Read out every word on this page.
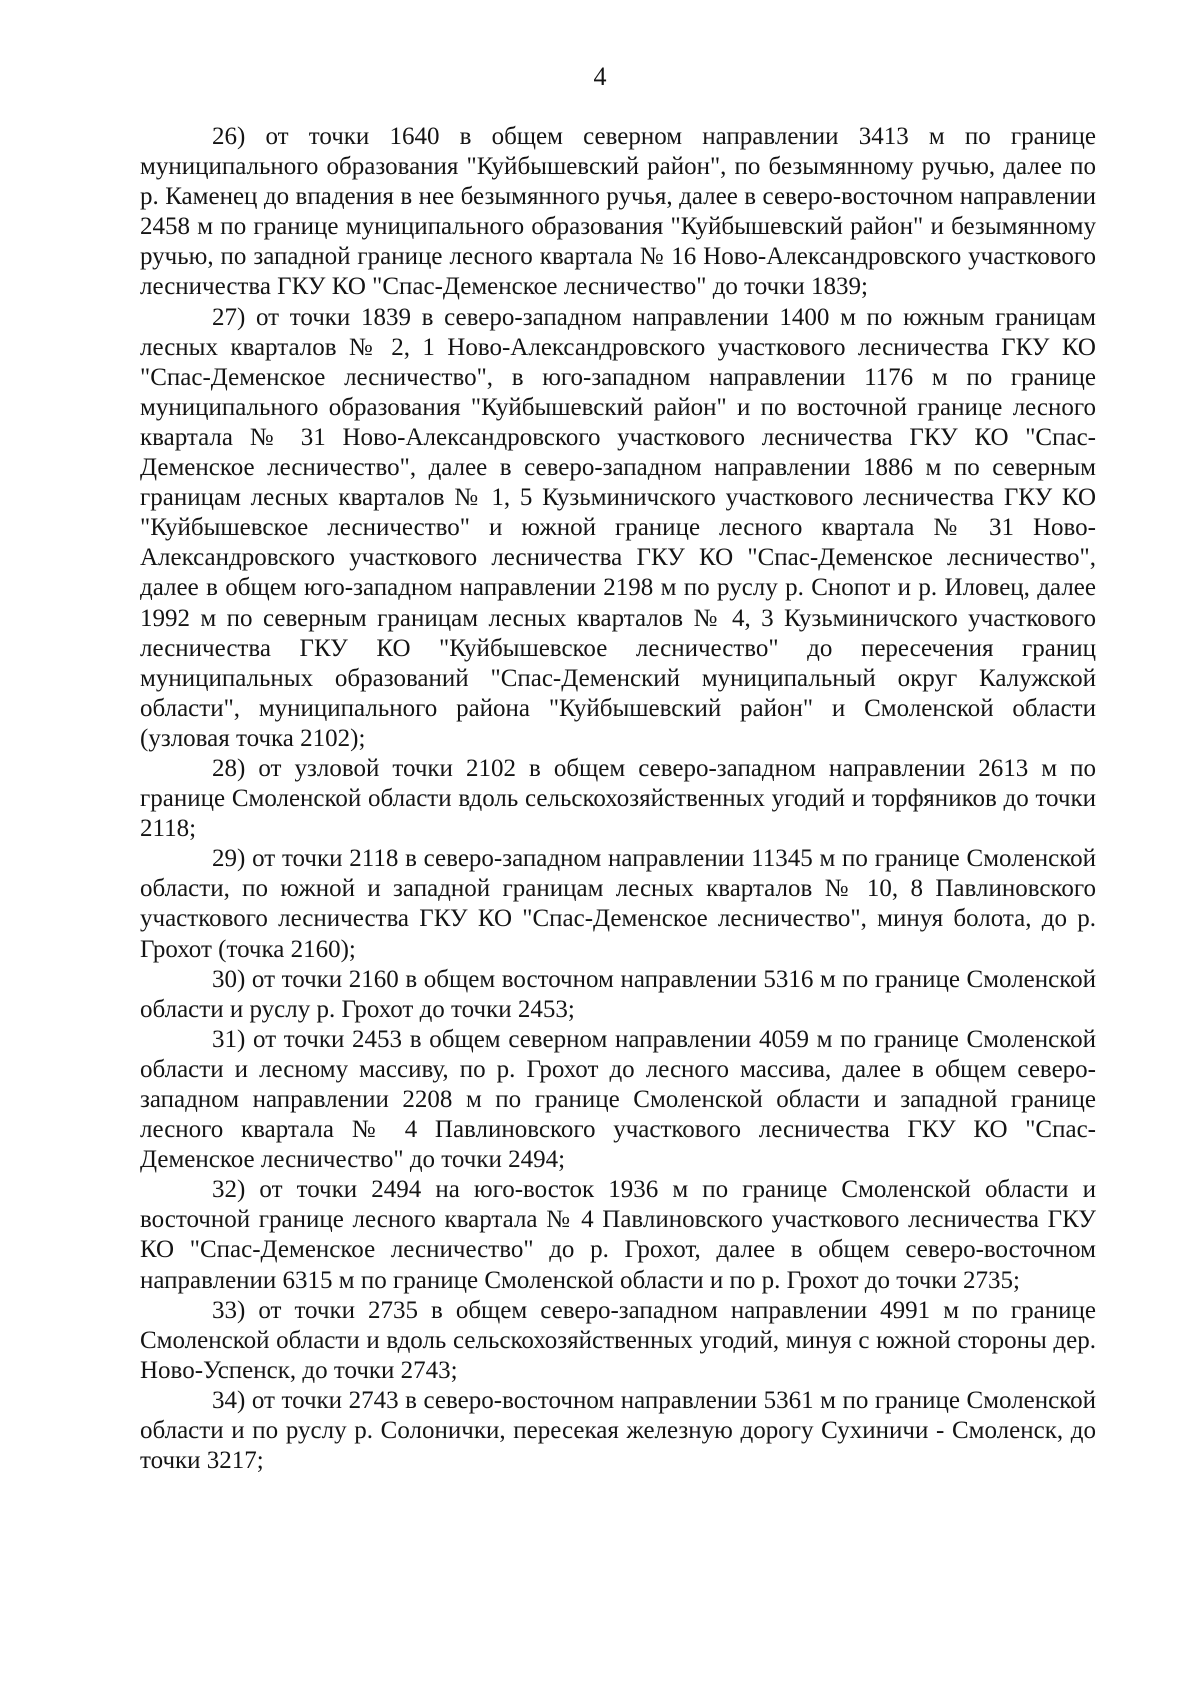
4

26) от точки 1640 в общем северном направлении 3413 м по границе муниципального образования "Куйбышевский район", по безымянному ручью, далее по р. Каменец до впадения в нее безымянного ручья, далее в северо-восточном направлении 2458 м по границе муниципального образования "Куйбышевский район" и безымянному ручью, по западной границе лесного квартала № 16 Ново-Александровского участкового лесничества ГКУ КО "Спас-Деменское лесничество" до точки 1839;

27) от точки 1839 в северо-западном направлении 1400 м по южным границам лесных кварталов № 2, 1 Ново-Александровского участкового лесничества ГКУ КО "Спас-Деменское лесничество", в юго-западном направлении 1176 м по границе муниципального образования "Куйбышевский район" и по восточной границе лесного квартала № 31 Ново-Александровского участкового лесничества ГКУ КО "Спас-Деменское лесничество", далее в северо-западном направлении 1886 м по северным границам лесных кварталов № 1, 5 Кузьминичского участкового лесничества ГКУ КО "Куйбышевское лесничество" и южной границе лесного квартала № 31 Ново-Александровского участкового лесничества ГКУ КО "Спас-Деменское лесничество", далее в общем юго-западном направлении 2198 м по руслу р. Снопот и р. Иловец, далее 1992 м по северным границам лесных кварталов № 4, 3 Кузьминичского участкового лесничества ГКУ КО "Куйбышевское лесничество" до пересечения границ муниципальных образований "Спас-Деменский муниципальный округ Калужской области", муниципального района "Куйбышевский район" и Смоленской области (узловая точка 2102);

28) от узловой точки 2102 в общем северо-западном направлении 2613 м по границе Смоленской области вдоль сельскохозяйственных угодий и торфяников до точки 2118;

29) от точки 2118 в северо-западном направлении 11345 м по границе Смоленской области, по южной и западной границам лесных кварталов № 10, 8 Павлиновского участкового лесничества ГКУ КО "Спас-Деменское лесничество", минуя болота, до р. Грохот (точка 2160);

30) от точки 2160 в общем восточном направлении 5316 м по границе Смоленской области и руслу р. Грохот до точки 2453;

31) от точки 2453 в общем северном направлении 4059 м по границе Смоленской области и лесному массиву, по р. Грохот до лесного массива, далее в общем северо-западном направлении 2208 м по границе Смоленской области и западной границе лесного квартала № 4 Павлиновского участкового лесничества ГКУ КО "Спас-Деменское лесничество" до точки 2494;

32) от точки 2494 на юго-восток 1936 м по границе Смоленской области и восточной границе лесного квартала № 4 Павлиновского участкового лесничества ГКУ КО "Спас-Деменское лесничество" до р. Грохот, далее в общем северо-восточном направлении 6315 м по границе Смоленской области и по р. Грохот до точки 2735;

33) от точки 2735 в общем северо-западном направлении 4991 м по границе Смоленской области и вдоль сельскохозяйственных угодий, минуя с южной стороны дер. Ново-Успенск, до точки 2743;

34) от точки 2743 в северо-восточном направлении 5361 м по границе Смоленской области и по руслу р. Солонички, пересекая железную дорогу Сухиничи - Смоленск, до точки 3217;
